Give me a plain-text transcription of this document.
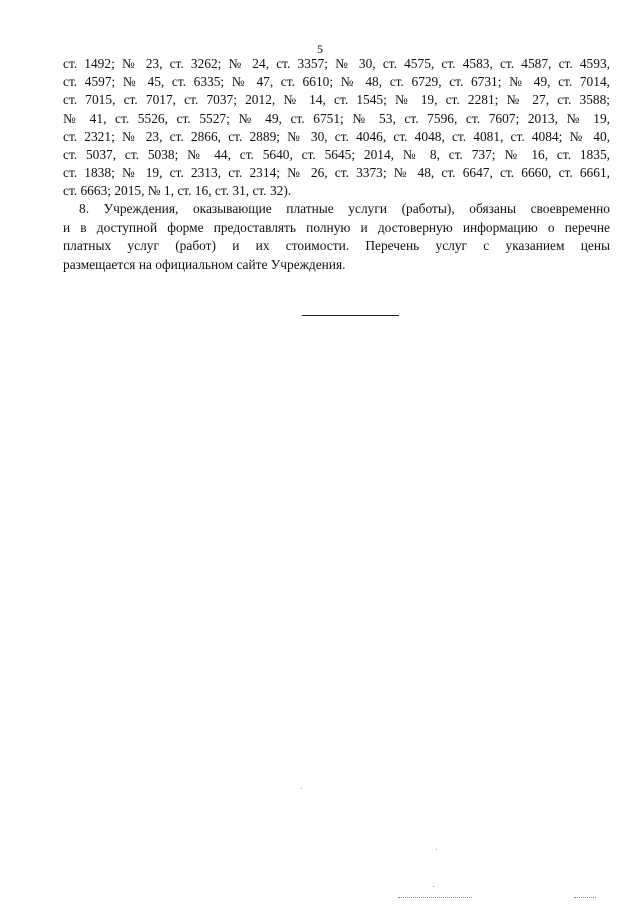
5
ст. 1492; № 23, ст. 3262; № 24, ст. 3357; № 30, ст. 4575, ст. 4583, ст. 4587, ст. 4593,
ст. 4597; № 45, ст. 6335; № 47, ст. 6610; № 48, ст. 6729, ст. 6731; № 49, ст. 7014,
ст. 7015, ст. 7017, ст. 7037; 2012, № 14, ст. 1545; № 19, ст. 2281; № 27, ст. 3588;
№ 41, ст. 5526, ст. 5527; № 49, ст. 6751; № 53, ст. 7596, ст. 7607; 2013, № 19,
ст. 2321; № 23, ст. 2866, ст. 2889; № 30, ст. 4046, ст. 4048, ст. 4081, ст. 4084; № 40,
ст. 5037, ст. 5038; № 44, ст. 5640, ст. 5645; 2014, № 8, ст. 737; № 16, ст. 1835,
ст. 1838; № 19, ст. 2313, ст. 2314; № 26, ст. 3373; № 48, ст. 6647, ст. 6660, ст. 6661,
ст. 6663; 2015, № 1, ст. 16, ст. 31, ст. 32).
8. Учреждения, оказывающие платные услуги (работы), обязаны своевременно
и в доступной форме предоставлять полную и достоверную информацию о перечне
платных услуг (работ) и их стоимости. Перечень услуг с указанием цены
размещается на официальном сайте Учреждения.
